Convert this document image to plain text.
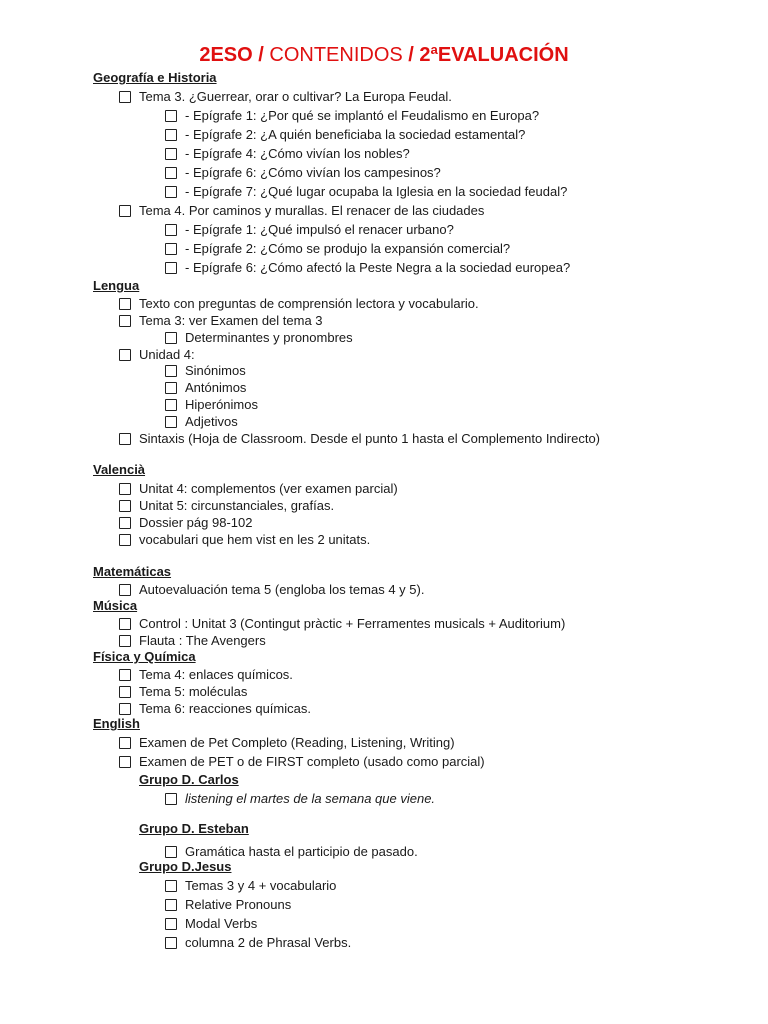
2ESO / CONTENIDOS / 2ªEVALUACIÓN
Geografía e Historia
Tema 3. ¿Guerrear, orar o cultivar? La Europa Feudal.
- Epígrafe 1: ¿Por qué se implantó el Feudalismo en Europa?
- Epígrafe 2: ¿A quién beneficiaba la sociedad estamental?
- Epígrafe 4: ¿Cómo vivían los nobles?
- Epígrafe 6: ¿Cómo vivían los campesinos?
- Epígrafe 7: ¿Qué lugar ocupaba la Iglesia en la sociedad feudal?
Tema 4. Por caminos y murallas. El renacer de las ciudades
- Epígrafe 1: ¿Qué impulsó el renacer urbano?
- Epígrafe 2: ¿Cómo se produjo la expansión comercial?
- Epígrafe 6: ¿Cómo afectó la Peste Negra a la sociedad europea?
Lengua
Texto con preguntas de comprensión lectora y vocabulario.
Tema 3: ver Examen del tema 3
Determinantes y pronombres
Unidad 4:
Sinónimos
Antónimos
Hiperónimos
Adjetivos
Sintaxis (Hoja de Classroom. Desde el punto 1 hasta el Complemento Indirecto)
Valencià
Unitat 4: complementos (ver examen parcial)
Unitat 5: circunstanciales, grafías.
Dossier pág 98-102
vocabulari que hem vist en les 2 unitats.
Matemáticas
Autoevaluación tema 5 (engloba los temas 4 y 5).
Música
Control : Unitat 3 (Contingut pràctic + Ferramentes musicals + Auditorium)
Flauta : The Avengers
Física y Química
Tema 4: enlaces químicos.
Tema 5: moléculas
Tema 6: reacciones químicas.
English
Examen de Pet Completo (Reading, Listening, Writing)
Examen de PET o de FIRST completo (usado como parcial)
Grupo D. Carlos
listening el martes de la semana que viene.
Grupo D. Esteban
Gramática hasta el participio de pasado.
Grupo D.Jesus
Temas 3 y 4 + vocabulario
Relative Pronouns
Modal Verbs
columna 2 de Phrasal Verbs.
